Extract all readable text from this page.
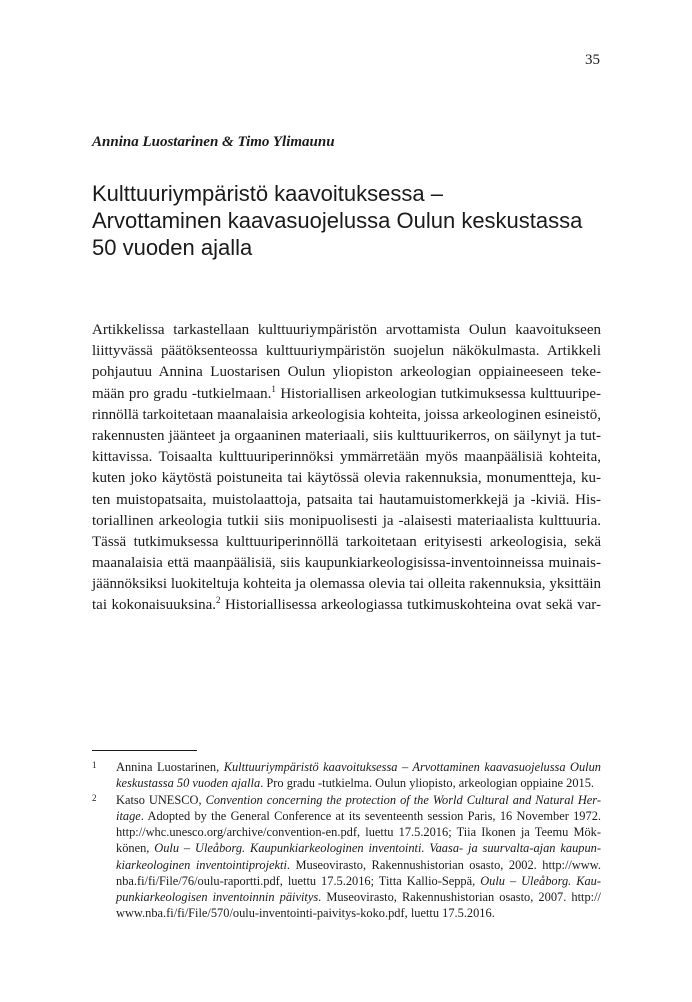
35
Annina Luostarinen & Timo Ylimaunu
Kulttuuriympäristö kaavoituksessa –
Arvottaminen kaavasuojelussa Oulun keskustassa
50 vuoden ajalla
Artikkelissa tarkastellaan kulttuuriympäristön arvottamista Oulun kaavoitukseen
liittyvässä päätöksenteossa kulttuuriympäristön suojelun näkökulmasta. Artikkeli
pohjautuu Annina Luostarisen Oulun yliopiston arkeologian oppiaineeseen teke-
mään pro gradu -tutkielmaan.$^1$ Historiallisen arkeologian tutkimuksessa kulttuuripe-
rinnöllä tarkoitetaan maanalaisia arkeologisia kohteita, joissa arkeologinen esineistö,
rakennusten jäänteet ja orgaaninen materiaali, siis kulttuurikerros, on säilynyt ja tut-
kittavissa. Toisaalta kulttuuriperinnöksi ymmärretään myös maanpäälisiä kohteita,
kuten joko käytöstä poistuneita tai käytössä olevia rakennuksia, monumentteja, ku-
ten muistopatsaita, muistolaattoja, patsaita tai hautamuistomerkkejä ja -kiviä. His-
toriallinen arkeologia tutkii siis monipuolisesti ja -alaisesti materiaalista kulttuuria.
Tässä tutkimuksessa kulttuuriperinnöllä tarkoitetaan erityisesti arkeologisia, sekä
maanalaisia että maanpäälisiä, siis kaupunkiarkeologisissa-inventoinneissa muinais-
jäännöksiksi luokiteltuja kohteita ja olemassa olevia tai olleita rakennuksia, yksittäin
tai kokonaisuuksina.$^2$ Historiallisessa arkeologiassa tutkimuskohteina ovat sekä var-
1 Annina Luostarinen, Kulttuuriympäristö kaavoituksessa – Arvottaminen kaavasuojelussa Oulun
keskustassa 50 vuoden ajalla. Pro gradu -tutkielma. Oulun yliopisto, arkeologian oppiaine 2015.
2 Katso UNESCO, Convention concerning the protection of the World Cultural and Natural Her-
itage. Adopted by the General Conference at its seventeenth session Paris, 16 November 1972.
http://whc.unesco.org/archive/convention-en.pdf, luettu 17.5.2016; Tiia Ikonen ja Teemu Mök-
könen, Oulu – Uleåborg. Kaupunkiarkeologinen inventointi. Vaasa- ja suurvalta-ajan kaupun-
kiarkeologinen inventointiprojekti. Museovirasto, Rakennushistorian osasto, 2002. http://www.
nba.fi/fi/File/76/oulu-raportti.pdf, luettu 17.5.2016; Titta Kallio-Seppä, Oulu – Uleåborg. Kau-
punkiarkeologisen inventoinnin päivitys. Museovirasto, Rakennushistorian osasto, 2007. http://
www.nba.fi/fi/File/570/oulu-inventointi-paivitys-koko.pdf, luettu 17.5.2016.
